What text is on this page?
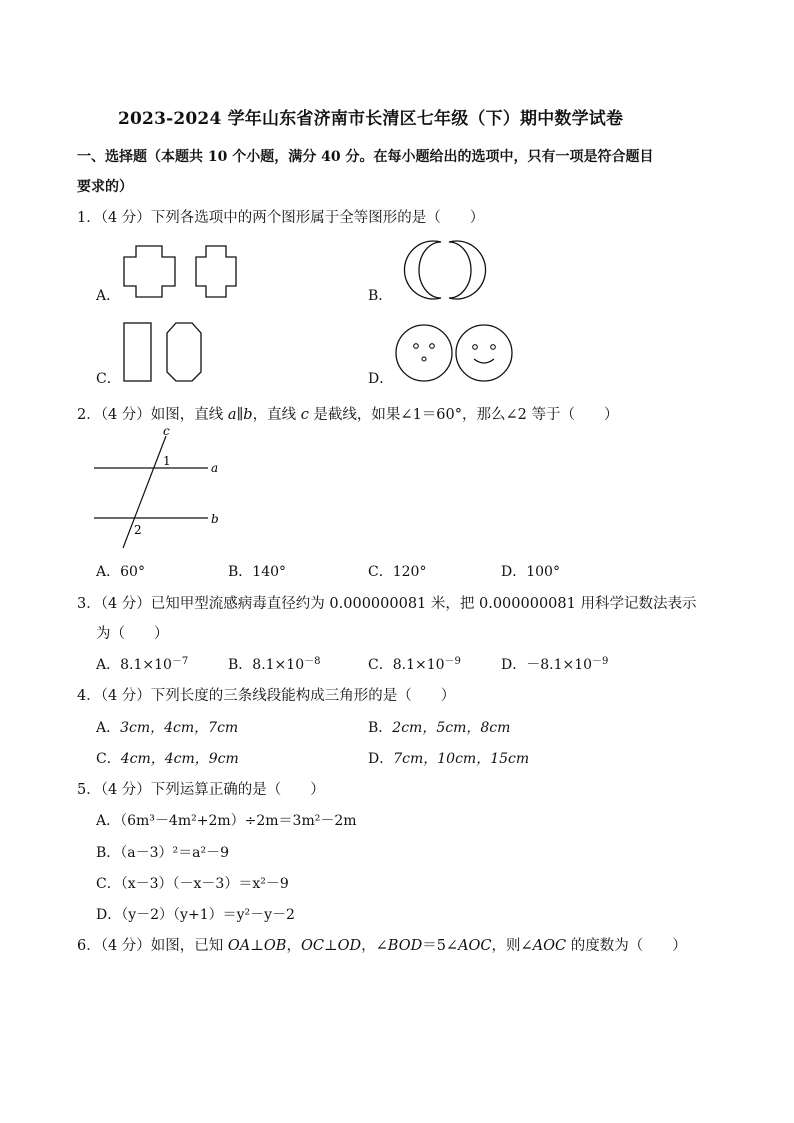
2023-2024 学年山东省济南市长清区七年级（下）期中数学试卷
一、选择题（本题共 10 个小题，满分 40 分。在每小题给出的选项中，只有一项是符合题目
要求的）
1．（4 分）下列各选项中的两个图形属于全等图形的是（　　）
A．	B．
C．	D．
2．（4 分）如图，直线 a∥b，直线 c 是截线，如果∠1＝60°，那么∠2 等于（　　）
c
a
b
1
2
A．60°	B．140°	C．120°	D．100°
3．（4 分）已知甲型流感病毒直径约为 0.000000081 米，把 0.000000081 用科学记数法表示
为（　　）
A．$8.1\times 10^{-7}$	B．$8.1\times 10^{-8}$	C．$8.1\times 10^{-9}$	D．$-8.1\times 10^{-9}$
4．（4 分）下列长度的三条线段能构成三角形的是（　　）
A．3cm，4cm，7cm	B．2cm，5cm，8cm
C．4cm，4cm，9cm	D．7cm，10cm，15cm
5．（4 分）下列运算正确的是（　　）
A．（6m³－4m²+2m）÷2m＝3m²－2m
B．（a－3）²＝a²－9
C．（x－3）（－x－3）＝x²－9
D．（y－2）（y+1）＝y²－y－2
6．（4 分）如图，已知 OA⊥OB，OC⊥OD，∠BOD＝5∠AOC，则∠AOC 的度数为（　　）
